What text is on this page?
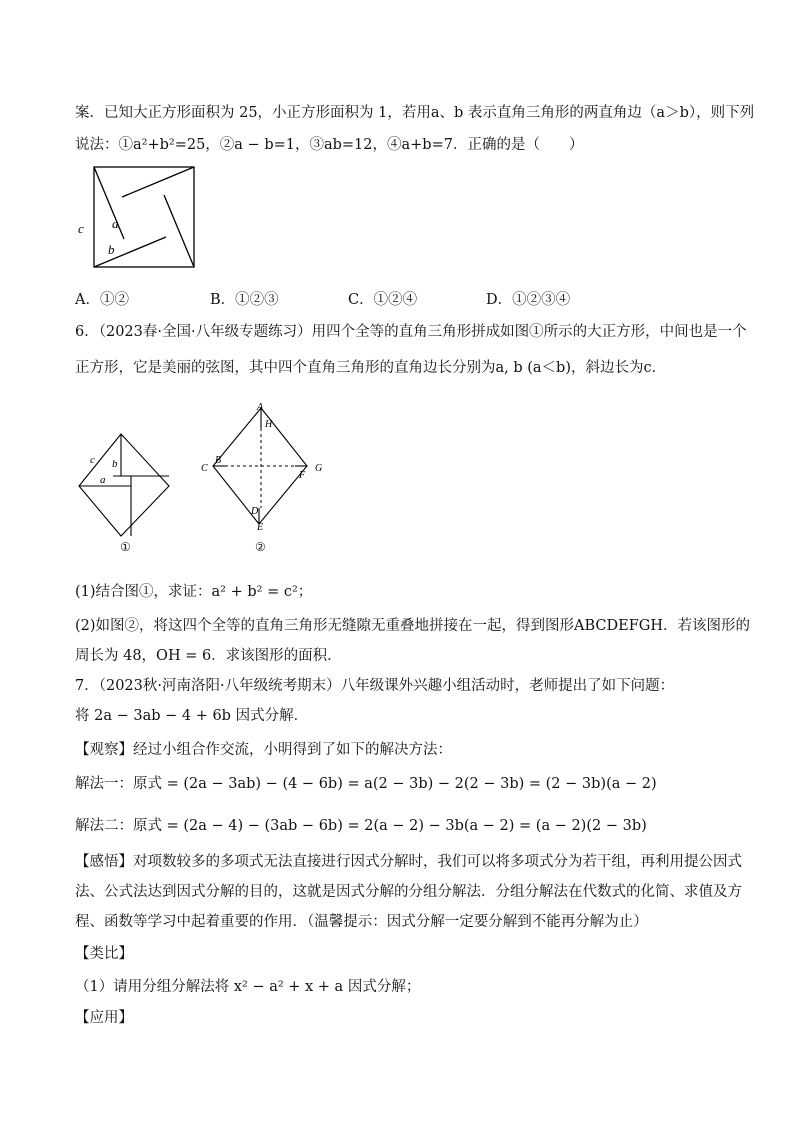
案．已知大正方形面积为 25，小正方形面积为 1，若用a、b 表示直角三角形的两直角边（a＞b），则下列
说法：①a²+b²=25，②a − b=1，③ab=12，④a+b=7．正确的是（　　）
c a
b
A．①②	B．①②③	C．①②④	D．①②③④
6．（2023春·全国·八年级专题练习）用四个全等的直角三角形拼成如图①所示的大正方形，中间也是一个
正方形，它是美丽的弦图，其中四个直角三角形的直角边长分别为a, b (a＜b)，斜边长为c．
c b
a
①
A
H
B
C	G
F
D
E
②
(1)结合图①，求证：a² + b² = c²；
(2)如图②，将这四个全等的直角三角形无缝隙无重叠地拼接在一起，得到图形ABCDEFGH．若该图形的
周长为 48，OH = 6．求该图形的面积．
7．（2023秋·河南洛阳·八年级统考期末）八年级课外兴趣小组活动时，老师提出了如下问题：
将 2a − 3ab − 4 + 6b 因式分解．
【观察】经过小组合作交流，小明得到了如下的解决方法：
解法一：原式 = (2a − 3ab) − (4 − 6b) = a(2 − 3b) − 2(2 − 3b) = (2 − 3b)(a − 2)
解法二：原式 = (2a − 4) − (3ab − 6b) = 2(a − 2) − 3b(a − 2) = (a − 2)(2 − 3b)
【感悟】对项数较多的多项式无法直接进行因式分解时，我们可以将多项式分为若干组，再利用提公因式
法、公式法达到因式分解的目的，这就是因式分解的分组分解法．分组分解法在代数式的化简、求值及方
程、函数等学习中起着重要的作用．（温馨提示：因式分解一定要分解到不能再分解为止）
【类比】
（1）请用分组分解法将 x² − a² + x + a 因式分解；
【应用】
